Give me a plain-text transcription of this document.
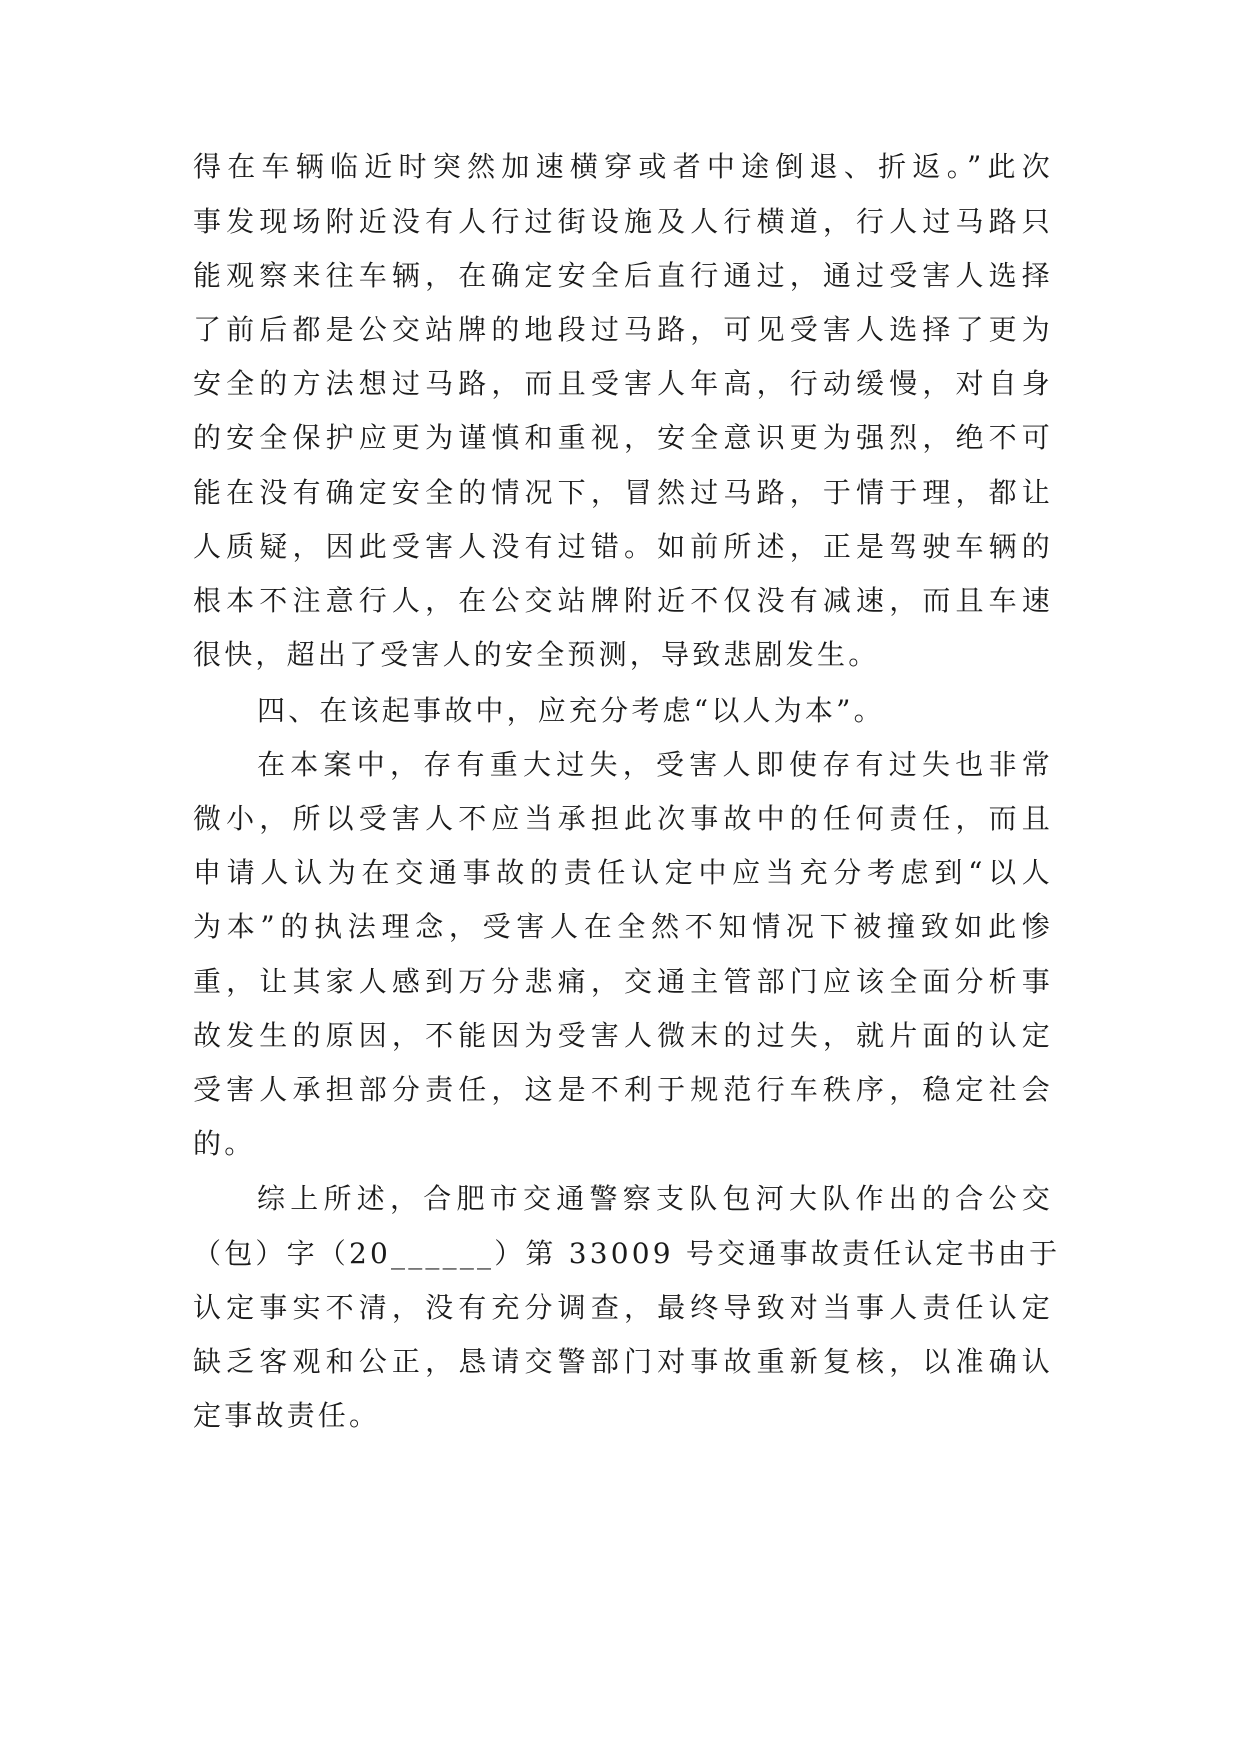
得在车辆临近时突然加速横穿或者中途倒退、折返。”此次
事发现场附近没有人行过街设施及人行横道，行人过马路只
能观察来往车辆，在确定安全后直行通过，通过受害人选择
了前后都是公交站牌的地段过马路，可见受害人选择了更为
安全的方法想过马路，而且受害人年高，行动缓慢，对自身
的安全保护应更为谨慎和重视，安全意识更为强烈，绝不可
能在没有确定安全的情况下，冒然过马路，于情于理，都让
人质疑，因此受害人没有过错。如前所述，正是驾驶车辆的
根本不注意行人，在公交站牌附近不仅没有减速，而且车速
很快，超出了受害人的安全预测，导致悲剧发生。
四、在该起事故中，应充分考虑“以人为本”。
在本案中，存有重大过失，受害人即使存有过失也非常
微小，所以受害人不应当承担此次事故中的任何责任，而且
申请人认为在交通事故的责任认定中应当充分考虑到“以人
为本”的执法理念，受害人在全然不知情况下被撞致如此惨
重，让其家人感到万分悲痛，交通主管部门应该全面分析事
故发生的原因，不能因为受害人微末的过失，就片面的认定
受害人承担部分责任，这是不利于规范行车秩序，稳定社会
的。
综上所述，合肥市交通警察支队包河大队作出的合公交
（包）字（20______）第 33009 号交通事故责任认定书由于
认定事实不清，没有充分调查，最终导致对当事人责任认定
缺乏客观和公正，恳请交警部门对事故重新复核，以准确认
定事故责任。
